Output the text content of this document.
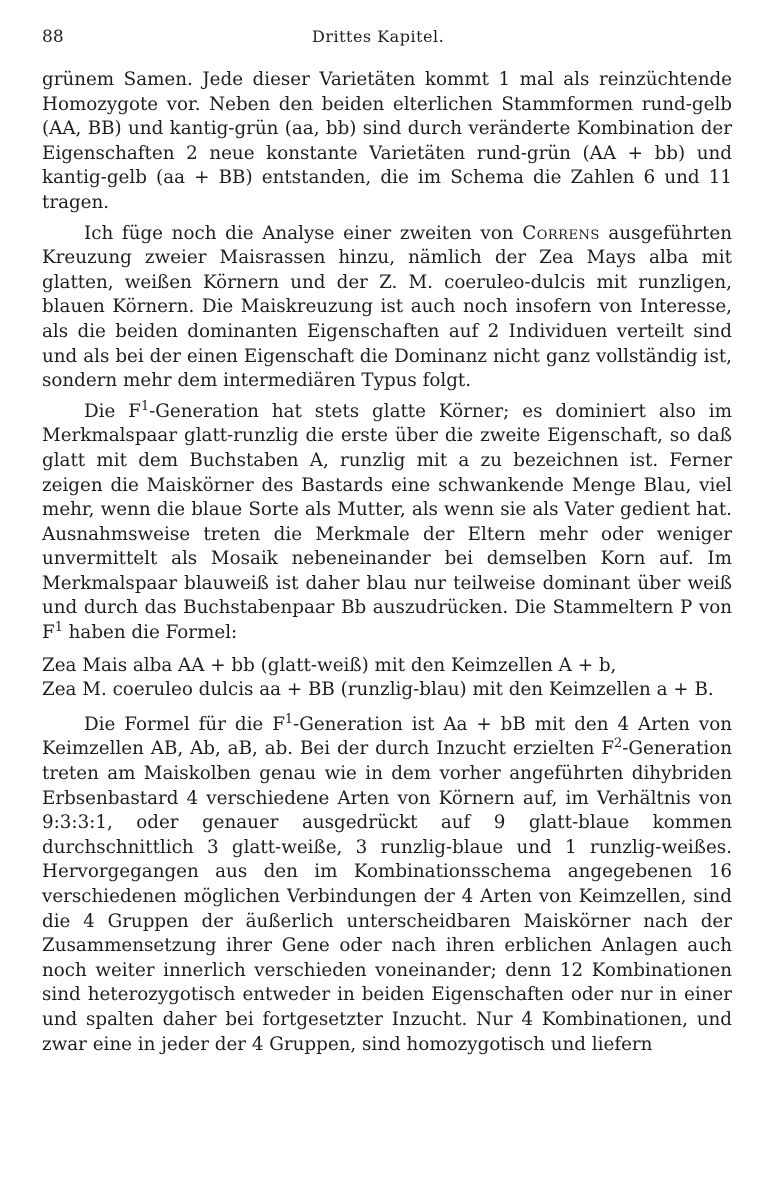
88	Drittes Kapitel.

grünem Samen. Jede dieser Varietäten kommt 1 mal als reinzüchtende Homozygote vor. Neben den beiden elterlichen Stammformen rund-gelb (AA, BB) und kantig-grün (aa, bb) sind durch veränderte Kombination der Eigenschaften 2 neue konstante Varietäten rund-grün (AA + bb) und kantig-gelb (aa + BB) entstanden, die im Schema die Zahlen 6 und 11 tragen.

Ich füge noch die Analyse einer zweiten von Correns ausgeführten Kreuzung zweier Maisrassen hinzu, nämlich der Zea Mays alba mit glatten, weißen Körnern und der Z. M. coeruleo-dulcis mit runzligen, blauen Körnern. Die Maiskreuzung ist auch noch insofern von Interesse, als die beiden dominanten Eigenschaften auf 2 Individuen verteilt sind und als bei der einen Eigenschaft die Dominanz nicht ganz vollständig ist, sondern mehr dem intermediären Typus folgt.

Die $F^1$-Generation hat stets glatte Körner; es dominiert also im Merkmalspaar glatt-runzlig die erste über die zweite Eigenschaft, so daß glatt mit dem Buchstaben A, runzlig mit a zu bezeichnen ist. Ferner zeigen die Maiskörner des Bastards eine schwankende Menge Blau, viel mehr, wenn die blaue Sorte als Mutter, als wenn sie als Vater gedient hat. Ausnahmsweise treten die Merkmale der Eltern mehr oder weniger unvermittelt als Mosaik nebeneinander bei demselben Korn auf. Im Merkmalspaar blauweiß ist daher blau nur teilweise dominant über weiß und durch das Buchstabenpaar Bb auszudrücken. Die Stammeltern P von $F^1$ haben die Formel:

Zea Mais alba AA + bb (glatt-weiß) mit den Keimzellen A + b,
Zea M. coeruleo dulcis aa + BB (runzlig-blau) mit den Keimzellen a + B.

Die Formel für die $F^1$-Generation ist Aa + bB mit den 4 Arten von Keimzellen AB, Ab, aB, ab. Bei der durch Inzucht erzielten $F^2$-Generation treten am Maiskolben genau wie in dem vorher angeführten dihybriden Erbsenbastard 4 verschiedene Arten von Körnern auf, im Verhältnis von 9:3:3:1, oder genauer ausgedrückt auf 9 glatt-blaue kommen durchschnittlich 3 glatt-weiße, 3 runzlig-blaue und 1 runzlig-weißes. Hervorgegangen aus den im Kombinationsschema angegebenen 16 verschiedenen möglichen Verbindungen der 4 Arten von Keimzellen, sind die 4 Gruppen der äußerlich unterscheidbaren Maiskörner nach der Zusammensetzung ihrer Gene oder nach ihren erblichen Anlagen auch noch weiter innerlich verschieden voneinander; denn 12 Kombinationen sind heterozygotisch entweder in beiden Eigenschaften oder nur in einer und spalten daher bei fortgesetzter Inzucht. Nur 4 Kombinationen, und zwar eine in jeder der 4 Gruppen, sind homozygotisch und liefern
